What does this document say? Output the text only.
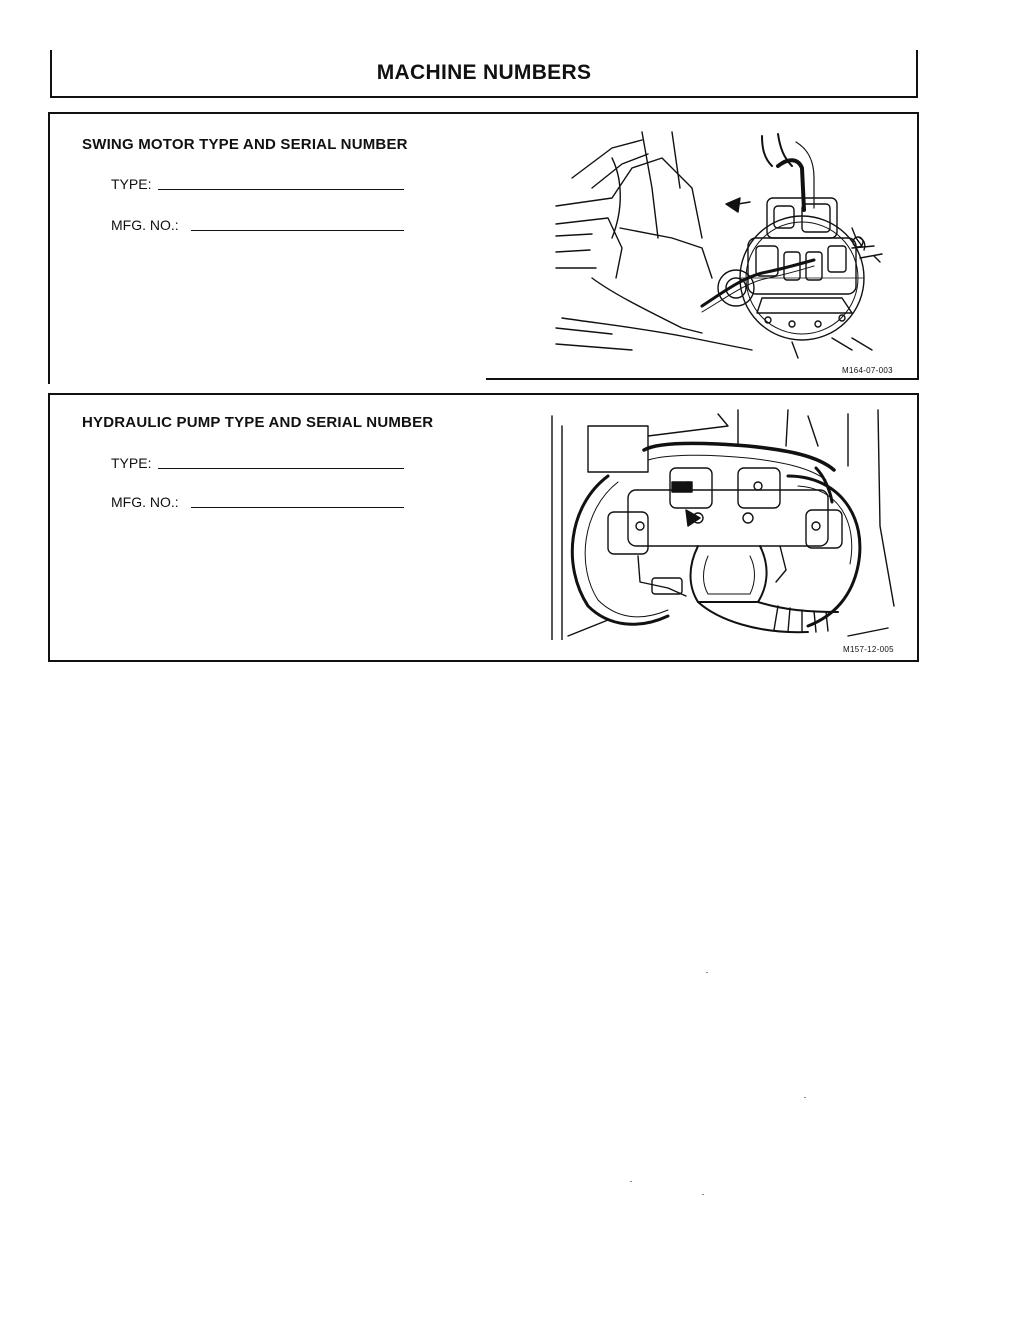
MACHINE NUMBERS
SWING MOTOR TYPE AND SERIAL NUMBER
TYPE:
MFG. NO.:
M164-07-003
HYDRAULIC PUMP TYPE AND SERIAL NUMBER
TYPE:
MFG. NO.:
M157-12-005
